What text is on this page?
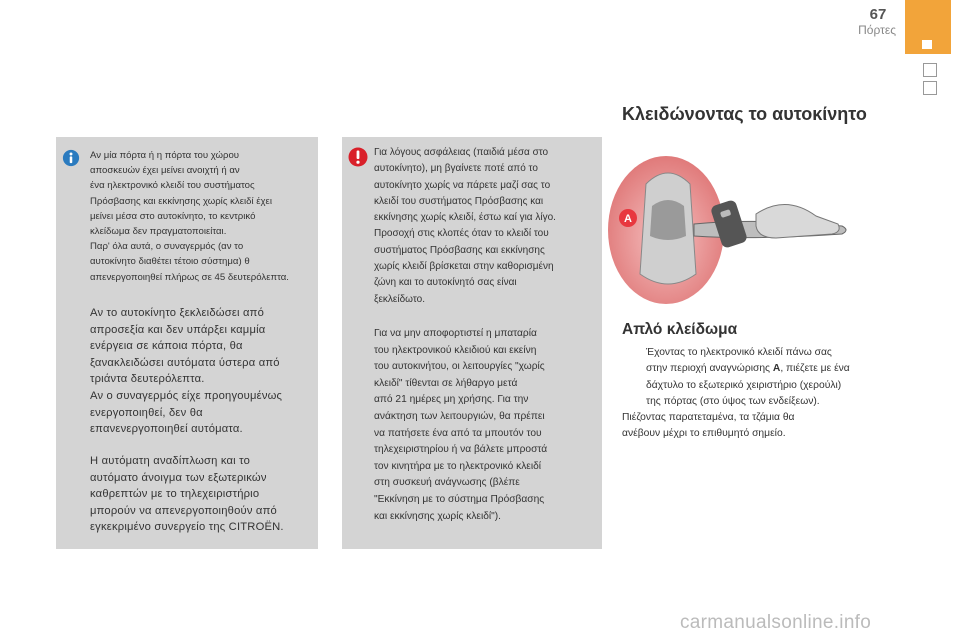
67
Πόρτες
Αν μία πόρτα ή η πόρτα του χώρου
αποσκευών έχει μείνει ανοιχτή ή αν
ένα ηλεκτρονικό κλειδί του συστήματος
Πρόσβασης και εκκίνησης χωρίς κλειδί έχει
μείνει μέσα στο αυτοκίνητο, το κεντρικό
κλείδωμα δεν πραγματοποιείται.
Παρ' όλα αυτά, ο συναγερμός (αν το
αυτοκίνητο διαθέτει τέτοιο σύστημα) θ
απενεργοποιηθεί πλήρως σε 45 δευτερόλεπτα.
Αν το αυτοκίνητο ξεκλειδώσει από
απροσεξία και δεν υπάρξει καμμία
ενέργεια σε κάποια πόρτα, θα
ξανακλειδώσει αυτόματα ύστερα από
τριάντα δευτερόλεπτα.
Αν ο συναγερμός είχε προηγουμένως
ενεργοποιηθεί, δεν θα
επανενεργοποιηθεί αυτόματα.
Η αυτόματη αναδίπλωση και το
αυτόματο άνοιγμα των εξωτερικών
καθρεπτών με το τηλεχειριστήριο
μπορούν να απενεργοποιηθούν από
εγκεκριμένο συνεργείο της CITROËN.
Για λόγους ασφάλειας (παιδιά μέσα στο
αυτοκίνητο), μη βγαίνετε ποτέ από το
αυτοκίνητο χωρίς να πάρετε μαζί σας το
κλειδί του συστήματος Πρόσβασης και
εκκίνησης χωρίς κλειδί, έστω καί για λίγο.
Προσοχή στις κλοπές όταν το κλειδί του
συστήματος Πρόσβασης και εκκίνησης
χωρίς κλειδί βρίσκεται στην καθορισμένη
ζώνη και το αυτοκίνητό σας είναι
ξεκλείδωτο.
Για να μην αποφορτιστεί η μπαταρία
του ηλεκτρονικού κλειδιού και εκείνη
του αυτοκινήτου, οι λειτουργίες "χωρίς
κλειδί" τίθενται σε λήθαργο μετά
από 21 ημέρες μη χρήσης. Για την
ανάκτηση των λειτουργιών, θα πρέπει
να πατήσετε ένα από τα μπουτόν του
τηλεχειριστηρίου ή να βάλετε μπροστά
τον κινητήρα με το ηλεκτρονικό κλειδί
στη συσκευή ανάγνωσης (βλέπε
"Εκκίνηση με το σύστημα Πρόσβασης
και εκκίνησης χωρίς κλειδί").
Κλειδώνοντας το αυτοκίνητο
A
Απλό κλείδωμα
Έχοντας το ηλεκτρονικό κλειδί πάνω σας
στην περιοχή αναγνώρισης A, πιέζετε με ένα
δάχτυλο το εξωτερικό χειριστήριο (χερούλι)
της πόρτας (στο ύψος των ενδείξεων).
Πιέζοντας παρατεταμένα, τα τζάμια θα
ανέβουν μέχρι το επιθυμητό σημείο.
carmanualsonline.info
